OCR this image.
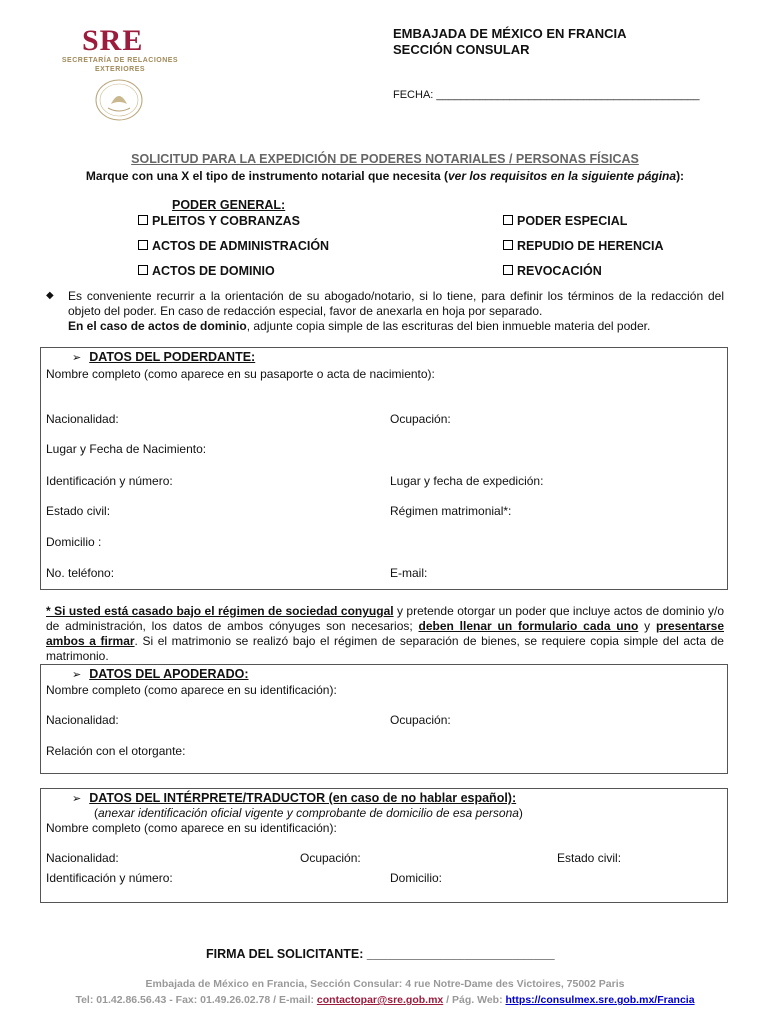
SRE
SECRETARÍA DE RELACIONES EXTERIORES
EMBAJADA DE MÉXICO EN FRANCIA
SECCIÓN CONSULAR
FECHA: ___________________________________________
SOLICITUD PARA LA EXPEDICIÓN DE PODERES NOTARIALES / PERSONAS FÍSICAS
Marque con una X el tipo de instrumento notarial que necesita (ver los requisitos en la siguiente página):
PODER GENERAL:
PLEITOS Y COBRANZAS
ACTOS DE ADMINISTRACIÓN
ACTOS DE DOMINIO
PODER ESPECIAL
REPUDIO DE HERENCIA
REVOCACIÓN
◆ Es conveniente recurrir a la orientación de su abogado/notario, si lo tiene, para definir los términos de la redacción del objeto del poder. En caso de redacción especial, favor de anexarla en hoja por separado.
En el caso de actos de dominio, adjunte copia simple de las escrituras del bien inmueble materia del poder.
➢ DATOS DEL PODERDANTE:
Nombre completo (como aparece en su pasaporte o acta de nacimiento):
Nacionalidad:	Ocupación:
Lugar y Fecha de Nacimiento:
Identificación y número:	Lugar y fecha de expedición:
Estado civil:	Régimen matrimonial*:
Domicilio :
No. teléfono:	E-mail:
* Si usted está casado bajo el régimen de sociedad conyugal y pretende otorgar un poder que incluye actos de dominio y/o de administración, los datos de ambos cónyuges son necesarios; deben llenar un formulario cada uno y presentarse ambos a firmar. Si el matrimonio se realizó bajo el régimen de separación de bienes, se requiere copia simple del acta de matrimonio.
➢ DATOS DEL APODERADO:
Nombre completo (como aparece en su identificación):
Nacionalidad:	Ocupación:
Relación con el otorgante:
➢ DATOS DEL INTÉRPRETE/TRADUCTOR (en caso de no hablar español):
(anexar identificación oficial vigente y comprobante de domicilio de esa persona)
Nombre completo (como aparece en su identificación):
Nacionalidad:	Ocupación:	Estado civil:
Identificación y número:	Domicilio:
FIRMA DEL SOLICITANTE: ___________________________
Embajada de México en Francia, Sección Consular: 4 rue Notre-Dame des Victoires, 75002 Paris
Tel: 01.42.86.56.43 - Fax: 01.49.26.02.78 / E-mail: contactopar@sre.gob.mx / Pág. Web: https://consulmex.sre.gob.mx/Francia
